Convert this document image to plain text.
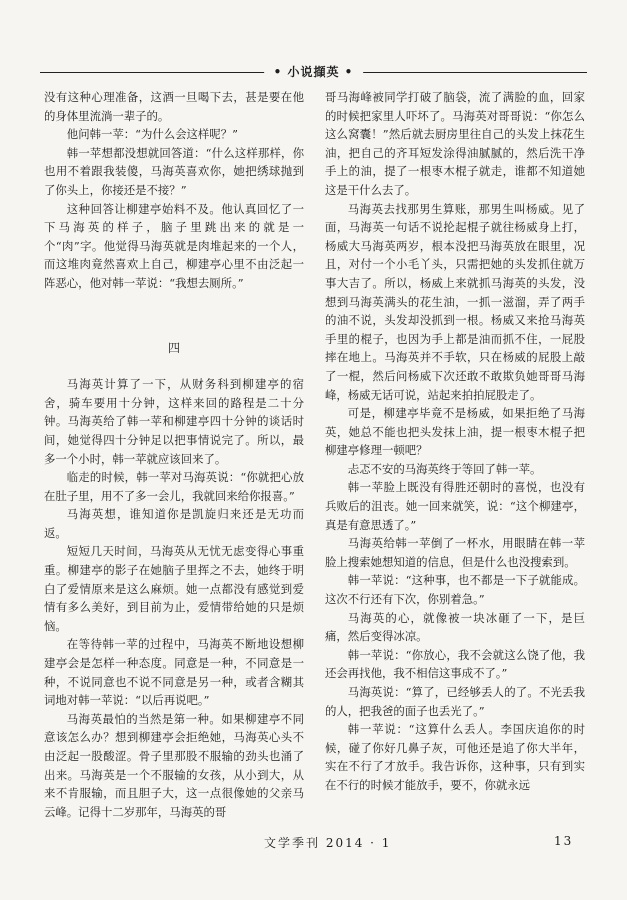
• 小说擷英 •

没有这种心理准备，这酒一旦喝下去，甚是要在他的身体里流淌一辈子的。

他问韩一苹：“为什么会这样呢？”

韩一苹想都没想就回答道：“什么这样那样，你也用不着跟我装傻，马海英喜欢你，她把绣球抛到了你头上，你接还是不接？”

这种回答让柳建亭始料不及。他认真回忆了一下马海英的样子，脑子里跳出来的就是一个“肉”字。他觉得马海英就是肉堆起来的一个人，而这堆肉竟然喜欢上自己，柳建亭心里不由泛起一阵恶心，他对韩一苹说：“我想去厕所。”

四

马海英计算了一下，从财务科到柳建亭的宿舍，骑车要用十分钟，这样来回的路程是二十分钟。马海英给了韩一苹和柳建亭四十分钟的谈话时间，她觉得四十分钟足以把事情说完了。所以，最多一个小时，韩一苹就应该回来了。

临走的时候，韩一苹对马海英说：“你就把心放在肚子里，用不了多一会儿，我就回来给你报喜。”

马海英想，谁知道你是凯旋归来还是无功而返。

短短几天时间，马海英从无忧无虑变得心事重重。柳建亭的影子在她脑子里挥之不去，她终于明白了爱情原来是这么麻烦。她一点都没有感觉到爱情有多么美好，到目前为止，爱情带给她的只是烦恼。

在等待韩一苹的过程中，马海英不断地设想柳建亭会是怎样一种态度。同意是一种，不同意是一种，不说同意也不说不同意是另一种，或者含糊其词地对韩一苹说：“以后再说吧。”

马海英最怕的当然是第一种。如果柳建亭不同意该怎么办？想到柳建亭会拒绝她，马海英心头不由泛起一股酸涩。骨子里那股不服输的劲头也涌了出来。马海英是一个不服输的女孩，从小到大，从来不肯服输，而且胆子大，这一点很像她的父亲马云峰。记得十二岁那年，马海英的哥

哥马海峰被同学打破了脑袋，流了满脸的血，回家的时候把家里人吓坏了。马海英对哥哥说：“你怎么这么窝囊！”然后就去厨房里往自己的头发上抹花生油，把自己的齐耳短发涂得油腻腻的，然后洗干净手上的油，提了一根枣木棍子就走，谁都不知道她这是干什么去了。

马海英去找那男生算账，那男生叫杨威。见了面，马海英一句话不说抡起棍子就往杨威身上打，杨威大马海英两岁，根本没把马海英放在眼里，况且，对付一个小毛丫头，只需把她的头发抓住就万事大吉了。所以，杨威上来就抓马海英的头发，没想到马海英满头的花生油，一抓一滋溜，弄了两手的油不说，头发却没抓到一根。杨威又来抢马海英手里的棍子，也因为手上都是油而抓不住，一屁股摔在地上。马海英并不手软，只在杨威的屁股上敲了一棍，然后问杨威下次还敢不敢欺负她哥哥马海峰，杨威无话可说，站起来拍拍屁股走了。

可是，柳建亭毕竟不是杨威，如果拒绝了马海英，她总不能也把头发抹上油，提一根枣木棍子把柳建亭修理一顿吧？

忐忑不安的马海英终于等回了韩一苹。

韩一苹脸上既没有得胜还朝时的喜悦，也没有兵败后的沮丧。她一回来就笑，说：“这个柳建亭，真是有意思透了。”

马海英给韩一苹倒了一杯水，用眼睛在韩一苹脸上搜索她想知道的信息，但是什么也没搜索到。

韩一苹说：“这种事，也不都是一下子就能成。这次不行还有下次，你别着急。”

马海英的心，就像被一块冰砸了一下，是巨痛，然后变得冰凉。

韩一苹说：“你放心，我不会就这么饶了他，我还会再找他，我不相信这事成不了。”

马海英说：“算了，已经够丢人的了。不光丢我的人，把我爸的面子也丢光了。”

韩一苹说：“这算什么丢人。李国庆追你的时候，碰了你好几鼻子灰，可他还是追了你大半年，实在不行了才放手。我告诉你，这种事，只有到实在不行的时候才能放手，要不，你就永远

文学季刊 2014 · 1	13
